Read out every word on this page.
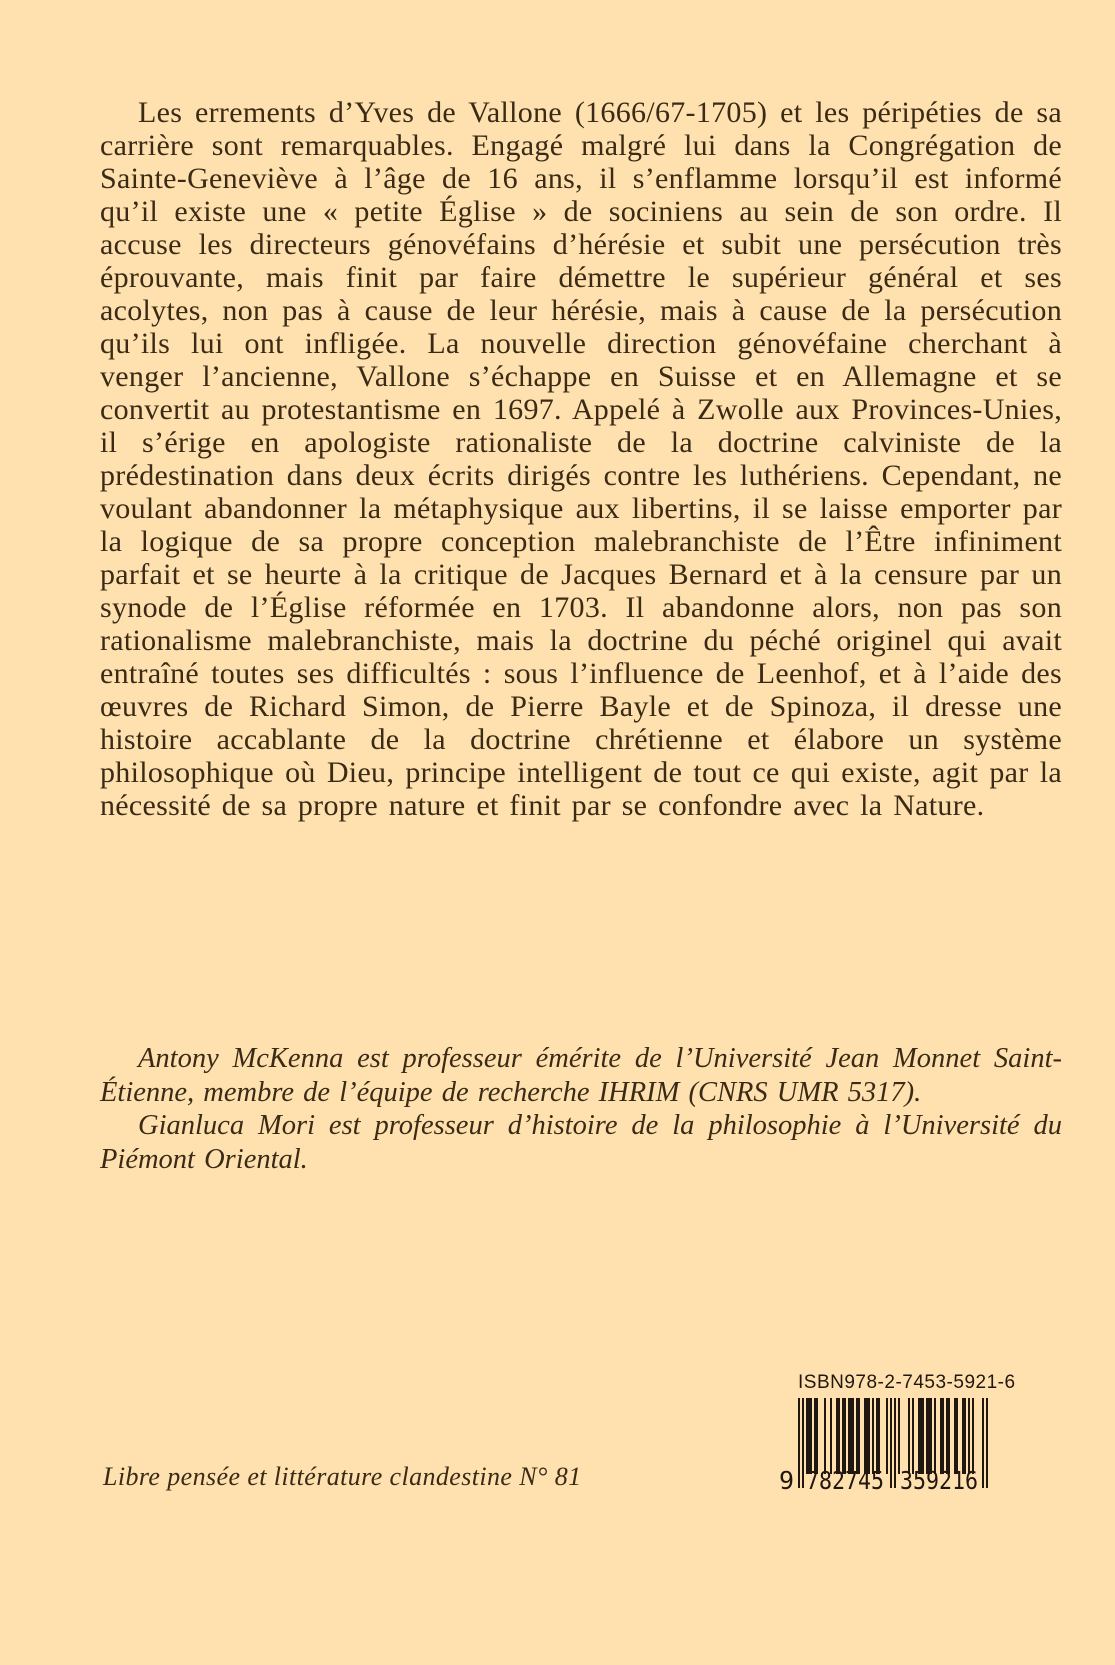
Les errements d’Yves de Vallone (1666/67-1705) et les péripéties de sa carrière sont remarquables. Engagé malgré lui dans la Congrégation de Sainte-Geneviève à l’âge de 16 ans, il s’enflamme lorsqu’il est informé qu’il existe une « petite Église » de sociniens au sein de son ordre. Il accuse les directeurs génovéfains d’hérésie et subit une persécution très éprouvante, mais finit par faire démettre le supérieur général et ses acolytes, non pas à cause de leur hérésie, mais à cause de la persécution qu’ils lui ont infligée. La nouvelle direction génovéfaine cherchant à venger l’ancienne, Vallone s’échappe en Suisse et en Allemagne et se convertit au protestantisme en 1697. Appelé à Zwolle aux Provinces-Unies, il s’érige en apologiste rationaliste de la doctrine calviniste de la prédestination dans deux écrits dirigés contre les luthériens. Cependant, ne voulant abandonner la métaphysique aux libertins, il se laisse emporter par la logique de sa propre conception malebranchiste de l’Être infiniment parfait et se heurte à la critique de Jacques Bernard et à la censure par un synode de l’Église réformée en 1703. Il abandonne alors, non pas son rationalisme malebranchiste, mais la doctrine du péché originel qui avait entraîné toutes ses difficultés : sous l’influence de Leenhof, et à l’aide des œuvres de Richard Simon, de Pierre Bayle et de Spinoza, il dresse une histoire accablante de la doctrine chrétienne et élabore un système philosophique où Dieu, principe intelligent de tout ce qui existe, agit par la nécessité de sa propre nature et finit par se confondre avec la Nature.

Antony McKenna est professeur émérite de l’Université Jean Monnet Saint-Étienne, membre de l’équipe de recherche IHRIM (CNRS UMR 5317).

Gianluca Mori est professeur d’histoire de la philosophie à l’Université du Piémont Oriental.

Libre pensée et littérature clandestine N° 81
ISBN 978-2-7453-5921-6
9 782745 359216
